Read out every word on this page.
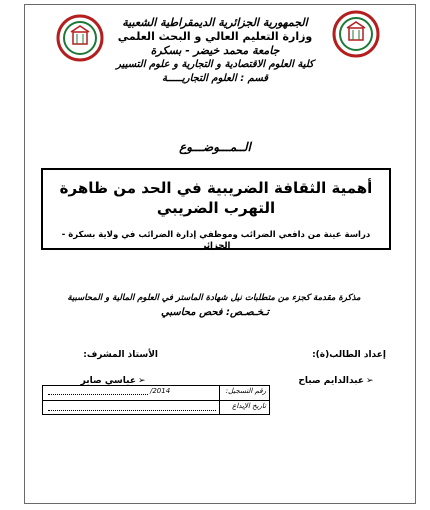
الجمهورية الجزائرية الديمقراطية الشعبية
وزارة التعليم العالي و البحث العلمي
جامعة محمد خيضر - بسكرة
كلية العلوم الاقتصادية و التجارية و علوم التسيير
قسم : العلوم التجاريـــــة
الــمـــوضـــوع
أهمية الثقافة الضريبية في الحد من ظاهرة التهرب الضريبي
دراسة عينة من دافعي الضرائب وموظفي إدارة الضرائب في ولاية بسكرة - الجزائر
مذكرة مقدمة كجزء من متطلبات نيل شهادة الماستر في العلوم المالية و المحاسبية
تـخـصـص: فحص محاسبي
إعداد الطالب(ة):
الأستاذ المشرف:
➢
عبدالدايم صباح
➢
عباسي صابر
رقم التسجيل:
/2014
تاريخ الإيداع
